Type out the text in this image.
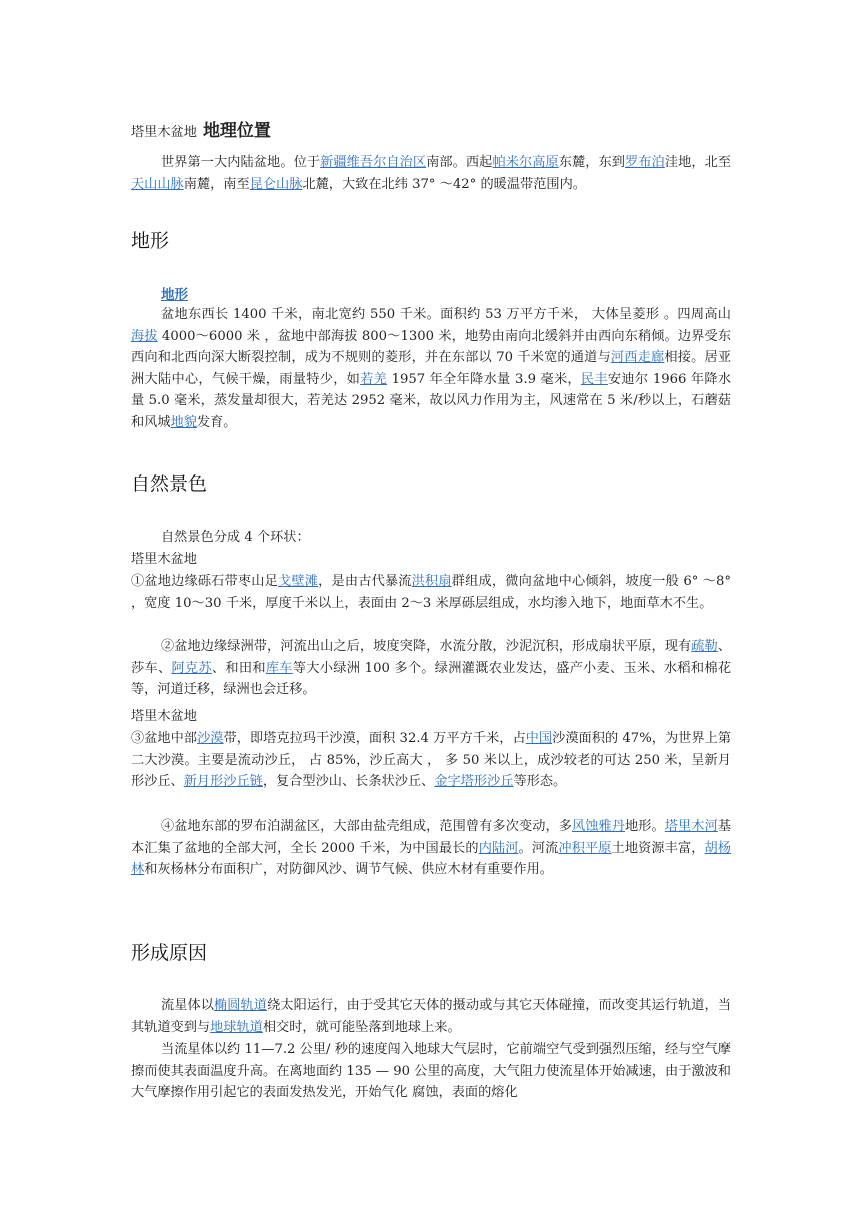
塔里木盆地 地理位置

世界第一大内陆盆地。位于新疆维吾尔自治区南部。西起帕米尔高原东麓，东到罗布泊洼地，北至天山山脉南麓，南至昆仑山脉北麓，大致在北纬 37° ～42° 的暖温带范围内。

地形
地形

盆地东西长 1400 千米，南北宽约 550 千米。面积约 53 万平方千米， 大体呈菱形 。四周高山海拔 4000～6000 米 ，盆地中部海拔 800～1300 米，地势由南向北缓斜并由西向东稍倾。边界受东西向和北西向深大断裂控制，成为不规则的菱形，并在东部以 70 千米宽的通道与河西走廊相接。居亚洲大陆中心，气候干燥，雨量特少，如若羌 1957 年全年降水量 3.9 毫米，民丰安迪尔 1966 年降水量 5.0 毫米，蒸发量却很大，若羌达 2952 毫米，故以风力作用为主，风速常在 5 米/秒以上，石蘑菇和风城地貌发育。

自然景色

自然景色分成 4 个环状：

塔里木盆地

①盆地边缘砾石带枣山足戈壁滩，是由古代暴流洪积扇群组成，微向盆地中心倾斜，坡度一般 6° ～8° ，宽度 10～30 千米，厚度千米以上，表面由 2～3 米厚砾层组成，水均渗入地下，地面草木不生。

②盆地边缘绿洲带，河流出山之后，坡度突降，水流分散，沙泥沉积，形成扇状平原，现有疏勒、莎车、阿克苏、和田和库车等大小绿洲 100 多个。绿洲灌溉农业发达，盛产小麦、玉米、水稻和棉花等，河道迁移，绿洲也会迁移。

塔里木盆地

③盆地中部沙漠带，即塔克拉玛干沙漠，面积 32.4 万平方千米，占中国沙漠面积的 47%，为世界上第二大沙漠。主要是流动沙丘， 占 85%，沙丘高大 ， 多 50 米以上，成沙较老的可达 250 米，呈新月形沙丘、新月形沙丘链，复合型沙山、长条状沙丘、金字塔形沙丘等形态。

④盆地东部的罗布泊湖盆区，大部由盐壳组成，范围曾有多次变动，多风蚀雅丹地形。塔里木河基本汇集了盆地的全部大河，全长 2000 千米，为中国最长的内陆河。河流冲积平原土地资源丰富，胡杨林和灰杨林分布面积广，对防御风沙、调节气候、供应木材有重要作用。

形成原因

流星体以椭圆轨道绕太阳运行，由于受其它天体的摄动或与其它天体碰撞，而改变其运行轨道，当其轨道变到与地球轨道相交时，就可能坠落到地球上来。

当流星体以约 11—7.2 公里/ 秒的速度闯入地球大气层时，它前端空气受到强烈压缩，经与空气摩擦而使其表面温度升高。在离地面约 135 — 90 公里的高度，大气阻力使流星体开始减速，由于激波和大气摩擦作用引起它的表面发热发光，开始气化 腐蚀，表面的熔化
